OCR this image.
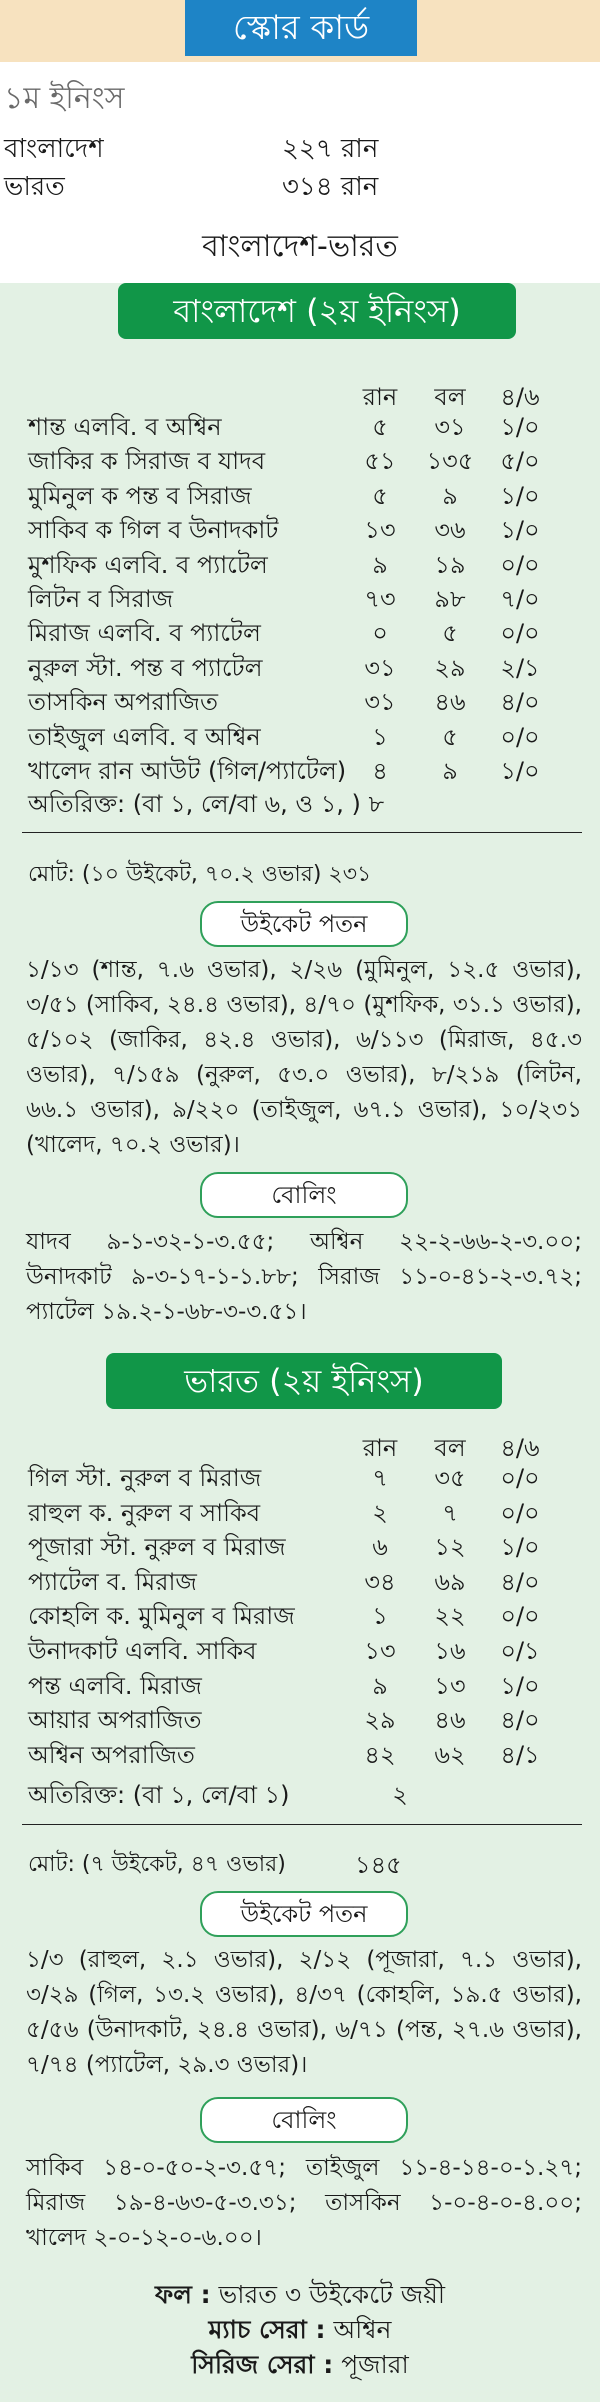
স্কোর কার্ড
১ম ইনিংস
বাংলাদেশ	২২৭ রান
ভারত	৩১৪ রান
বাংলাদেশ-ভারত
বাংলাদেশ (২য় ইনিংস)
রান	বল	৪/৬
শান্ত এলবি. ব অশ্বিন	৫	৩১	১/০
জাকির ক সিরাজ ব যাদব	৫১	১৩৫	৫/০
মুমিনুল ক পন্ত ব সিরাজ	৫	৯	১/০
সাকিব ক গিল ব উনাদকাট	১৩	৩৬	১/০
মুশফিক এলবি. ব প্যাটেল	৯	১৯	০/০
লিটন ব সিরাজ	৭৩	৯৮	৭/০
মিরাজ এলবি. ব প্যাটেল	০	৫	০/০
নুরুল স্টা. পন্ত ব প্যাটেল	৩১	২৯	২/১
তাসকিন অপরাজিত	৩১	৪৬	৪/০
তাইজুল এলবি. ব অশ্বিন	১	৫	০/০
খালেদ রান আউট (গিল/প্যাটেল)	৪	৯	১/০
অতিরিক্ত: (বা ১, লে/বা ৬, ও ১, ) ৮
মোট: (১০ উইকেট, ৭০.২ ওভার) ২৩১
উইকেট পতন
১/১৩ (শান্ত, ৭.৬ ওভার), ২/২৬ (মুমিনুল, ১২.৫ ওভার), ৩/৫১ (সাকিব, ২৪.৪ ওভার), ৪/৭০ (মুশফিক, ৩১.১ ওভার), ৫/১০২ (জাকির, ৪২.৪ ওভার), ৬/১১৩ (মিরাজ, ৪৫.৩ ওভার), ৭/১৫৯ (নুরুল, ৫৩.০ ওভার), ৮/২১৯ (লিটন, ৬৬.১ ওভার), ৯/২২০ (তাইজুল, ৬৭.১ ওভার), ১০/২৩১ (খালেদ, ৭০.২ ওভার)।
বোলিং
যাদব ৯-১-৩২-১-৩.৫৫; অশ্বিন ২২-২-৬৬-২-৩.০০; উনাদকাট ৯-৩-১৭-১-১.৮৮; সিরাজ ১১-০-৪১-২-৩.৭২; প্যাটেল ১৯.২-১-৬৮-৩-৩.৫১।
ভারত (২য় ইনিংস)
রান	বল	৪/৬
গিল স্টা. নুরুল ব মিরাজ	৭	৩৫	০/০
রাহুল ক. নুরুল ব সাকিব	২	৭	০/০
পূজারা স্টা. নুরুল ব মিরাজ	৬	১২	১/০
প্যাটেল ব. মিরাজ	৩৪	৬৯	৪/০
কোহলি ক. মুমিনুল ব মিরাজ	১	২২	০/০
উনাদকাট এলবি. সাকিব	১৩	১৬	০/১
পন্ত এলবি. মিরাজ	৯	১৩	১/০
আয়ার অপরাজিত	২৯	৪৬	৪/০
অশ্বিন অপরাজিত	৪২	৬২	৪/১
অতিরিক্ত: (বা ১, লে/বা ১)	২
মোট: (৭ উইকেট, ৪৭ ওভার)	১৪৫
উইকেট পতন
১/৩ (রাহুল, ২.১ ওভার), ২/১২ (পূজারা, ৭.১ ওভার), ৩/২৯ (গিল, ১৩.২ ওভার), ৪/৩৭ (কোহলি, ১৯.৫ ওভার), ৫/৫৬ (উনাদকাট, ২৪.৪ ওভার), ৬/৭১ (পন্ত, ২৭.৬ ওভার), ৭/৭৪ (প্যাটেল, ২৯.৩ ওভার)।
বোলিং
সাকিব ১৪-০-৫০-২-৩.৫৭; তাইজুল ১১-৪-১৪-০-১.২৭; মিরাজ ১৯-৪-৬৩-৫-৩.৩১; তাসকিন ১-০-৪-০-৪.০০; খালেদ ২-০-১২-০-৬.০০।
ফল : ভারত ৩ উইকেটে জয়ী
ম্যাচ সেরা : অশ্বিন
সিরিজ সেরা : পূজারা
